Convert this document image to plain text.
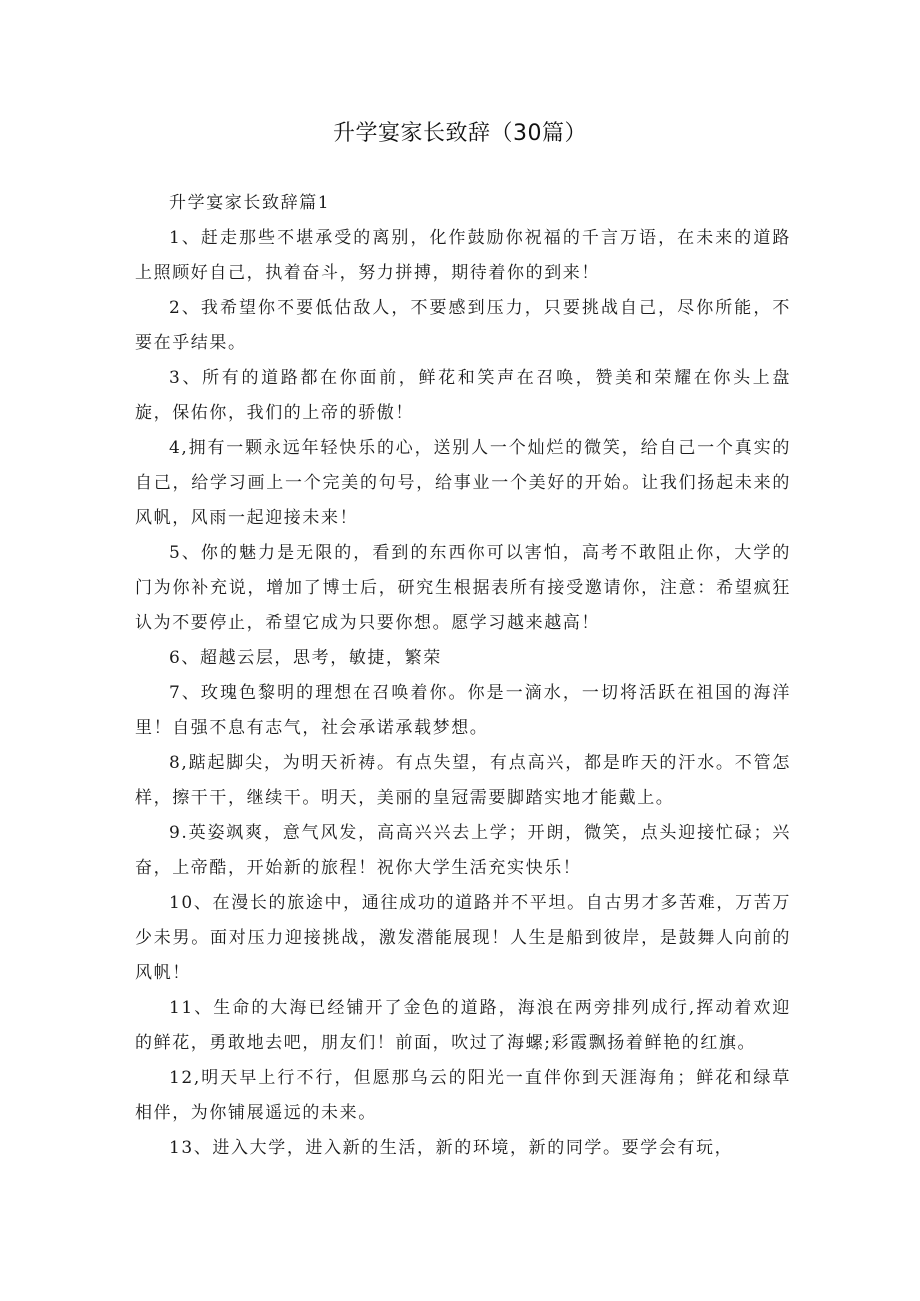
升学宴家长致辞（30篇）
升学宴家长致辞篇1

1、赶走那些不堪承受的离别，化作鼓励你祝福的千言万语，在未来的道路上照顾好自己，执着奋斗，努力拼搏，期待着你的到来！

2、我希望你不要低估敌人，不要感到压力，只要挑战自己，尽你所能，不要在乎结果。

3、所有的道路都在你面前，鲜花和笑声在召唤，赞美和荣耀在你头上盘旋，保佑你，我们的上帝的骄傲！

4,拥有一颗永远年轻快乐的心，送别人一个灿烂的微笑，给自己一个真实的自己，给学习画上一个完美的句号，给事业一个美好的开始。让我们扬起未来的风帆，风雨一起迎接未来！

5、你的魅力是无限的，看到的东西你可以害怕，高考不敢阻止你，大学的门为你补充说，增加了博士后，研究生根据表所有接受邀请你，注意：希望疯狂认为不要停止，希望它成为只要你想。愿学习越来越高！

6、超越云层，思考，敏捷，繁荣

7、玫瑰色黎明的理想在召唤着你。你是一滴水，一切将活跃在祖国的海洋里！自强不息有志气，社会承诺承载梦想。

8,踮起脚尖，为明天祈祷。有点失望，有点高兴，都是昨天的汗水。不管怎样，擦干干，继续干。明天，美丽的皇冠需要脚踏实地才能戴上。

9.英姿飒爽，意气风发，高高兴兴去上学；开朗，微笑，点头迎接忙碌；兴奋，上帝酷，开始新的旅程！祝你大学生活充实快乐！

10、在漫长的旅途中，通往成功的道路并不平坦。自古男才多苦难，万苦万少未男。面对压力迎接挑战，激发潜能展现！人生是船到彼岸，是鼓舞人向前的风帆！

11、生命的大海已经铺开了金色的道路，海浪在两旁排列成行,挥动着欢迎的鲜花，勇敢地去吧，朋友们！前面，吹过了海螺;彩霞飘扬着鲜艳的红旗。

12,明天早上行不行，但愿那乌云的阳光一直伴你到天涯海角；鲜花和绿草相伴，为你铺展遥远的未来。

13、进入大学，进入新的生活，新的环境，新的同学。要学会有玩，
